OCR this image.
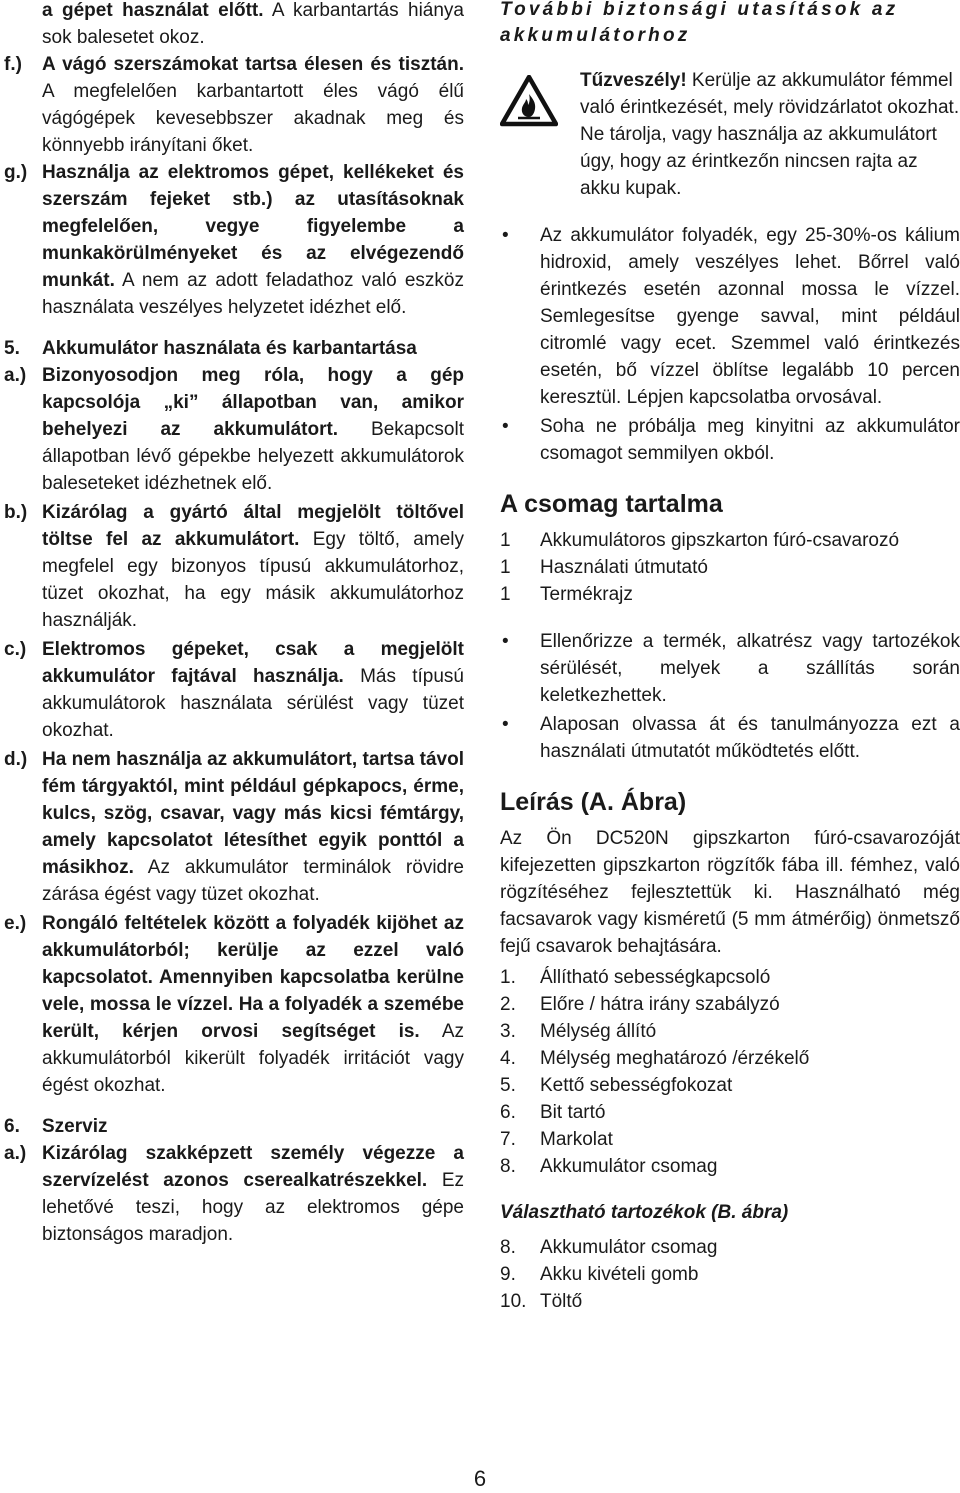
a gépet használat előtt. A karbantartás hiánya sok balesetet okoz.
f.) A vágó szerszámokat tartsa élesen és tisztán. A megfelelően karbantartott éles vágó élű vágógépek kevesebbszer akadnak meg és könnyebb irányítani őket.
g.) Használja az elektromos gépet, kellékeket és szerszám fejeket stb.) az utasításoknak megfelelően, vegye figyelembe a munkakörülményeket és az elvégezendő munkát. A nem az adott feladathoz való eszköz használata veszélyes helyzetet idézhet elő.
5. Akkumulátor használata és karbantartása
a.) Bizonyosodjon meg róla, hogy a gép kapcsolója „ki” állapotban van, amikor behelyezi az akkumulátort. Bekapcsolt állapotban lévő gépekbe helyezett akkumulátorok baleseteket idézhetnek elő.
b.) Kizárólag a gyártó által megjelölt töltővel töltse fel az akkumulátort. Egy töltő, amely megfelel egy bizonyos típusú akkumulátorhoz, tüzet okozhat, ha egy másik akkumulátorhoz használják.
c.) Elektromos gépeket, csak a megjelölt akkumulátor fajtával használja. Más típusú akkumulátorok használata sérülést vagy tüzet okozhat.
d.) Ha nem használja az akkumulátort, tartsa távol fém tárgyaktól, mint például gépkapocs, érme, kulcs, szög, csavar, vagy más kicsi fémtárgy, amely kapcsolatot létesíthet egyik ponttól a másikhoz. Az akkumulátor terminálok rövidre zárása égést vagy tüzet okozhat.
e.) Rongáló feltételek között a folyadék kijöhet az akkumulátorból; kerülje az ezzel való kapcsolatot. Amennyiben kapcsolatba kerülne vele, mossa le vízzel. Ha a folyadék a szemébe került, kérjen orvosi segítséget is. Az akkumulátorból kikerült folyadék irritációt vagy égést okozhat.
6. Szerviz
a.) Kizárólag szakképzett személy végezze a szervízelést azonos cserealkatrészekkel. Ez lehetővé teszi, hogy az elektromos gépe biztonságos maradjon.
További biztonsági utasítások az akkumulátorhoz
Tűzveszély! Kerülje az akkumulátor fémmel való érintkezését, mely rövidzárlatot okozhat. Ne tárolja, vagy használja az akkumulátort úgy, hogy az érintkezőn nincsen rajta az akku kupak.
• Az akkumulátor folyadék, egy 25-30%-os kálium hidroxid, amely veszélyes lehet. Bőrrel való érintkezés esetén azonnal mossa le vízzel. Semlegesítse gyenge savval, mint például citromlé vagy ecet. Szemmel való érintkezés esetén, bő vízzel öblítse legalább 10 percen keresztül. Lépjen kapcsolatba orvosával.
• Soha ne próbálja meg kinyitni az akkumulátor csomagot semmilyen okból.
A csomag tartalma
1 Akkumulátoros gipszkarton fúró-csavarozó
1 Használati útmutató
1 Termékrajz
• Ellenőrizze a termék, alkatrész vagy tartozékok sérülését, melyek a szállítás során keletkezhettek.
• Alaposan olvassa át és tanulmányozza ezt a használati útmutatót működtetés előtt.
Leírás (A. Ábra)
Az Ön DC520N gipszkarton fúró-csavarozóját kifejezetten gipszkarton rögzítők fába ill. fémhez, való rögzítéséhez fejlesztettük ki. Használható még facsavarok vagy kisméretű (5 mm átmérőig) önmetsző fejű csavarok behajtására.
1. Állítható sebességkapcsoló
2. Előre / hátra irány szabályzó
3. Mélység állító
4. Mélység meghatározó /érzékelő
5. Kettő sebességfokozat
6. Bit tartó
7. Markolat
8. Akkumulátor csomag
Választható tartozékok (B. ábra)
8. Akkumulátor csomag
9. Akku kivételi gomb
10. Töltő
6
